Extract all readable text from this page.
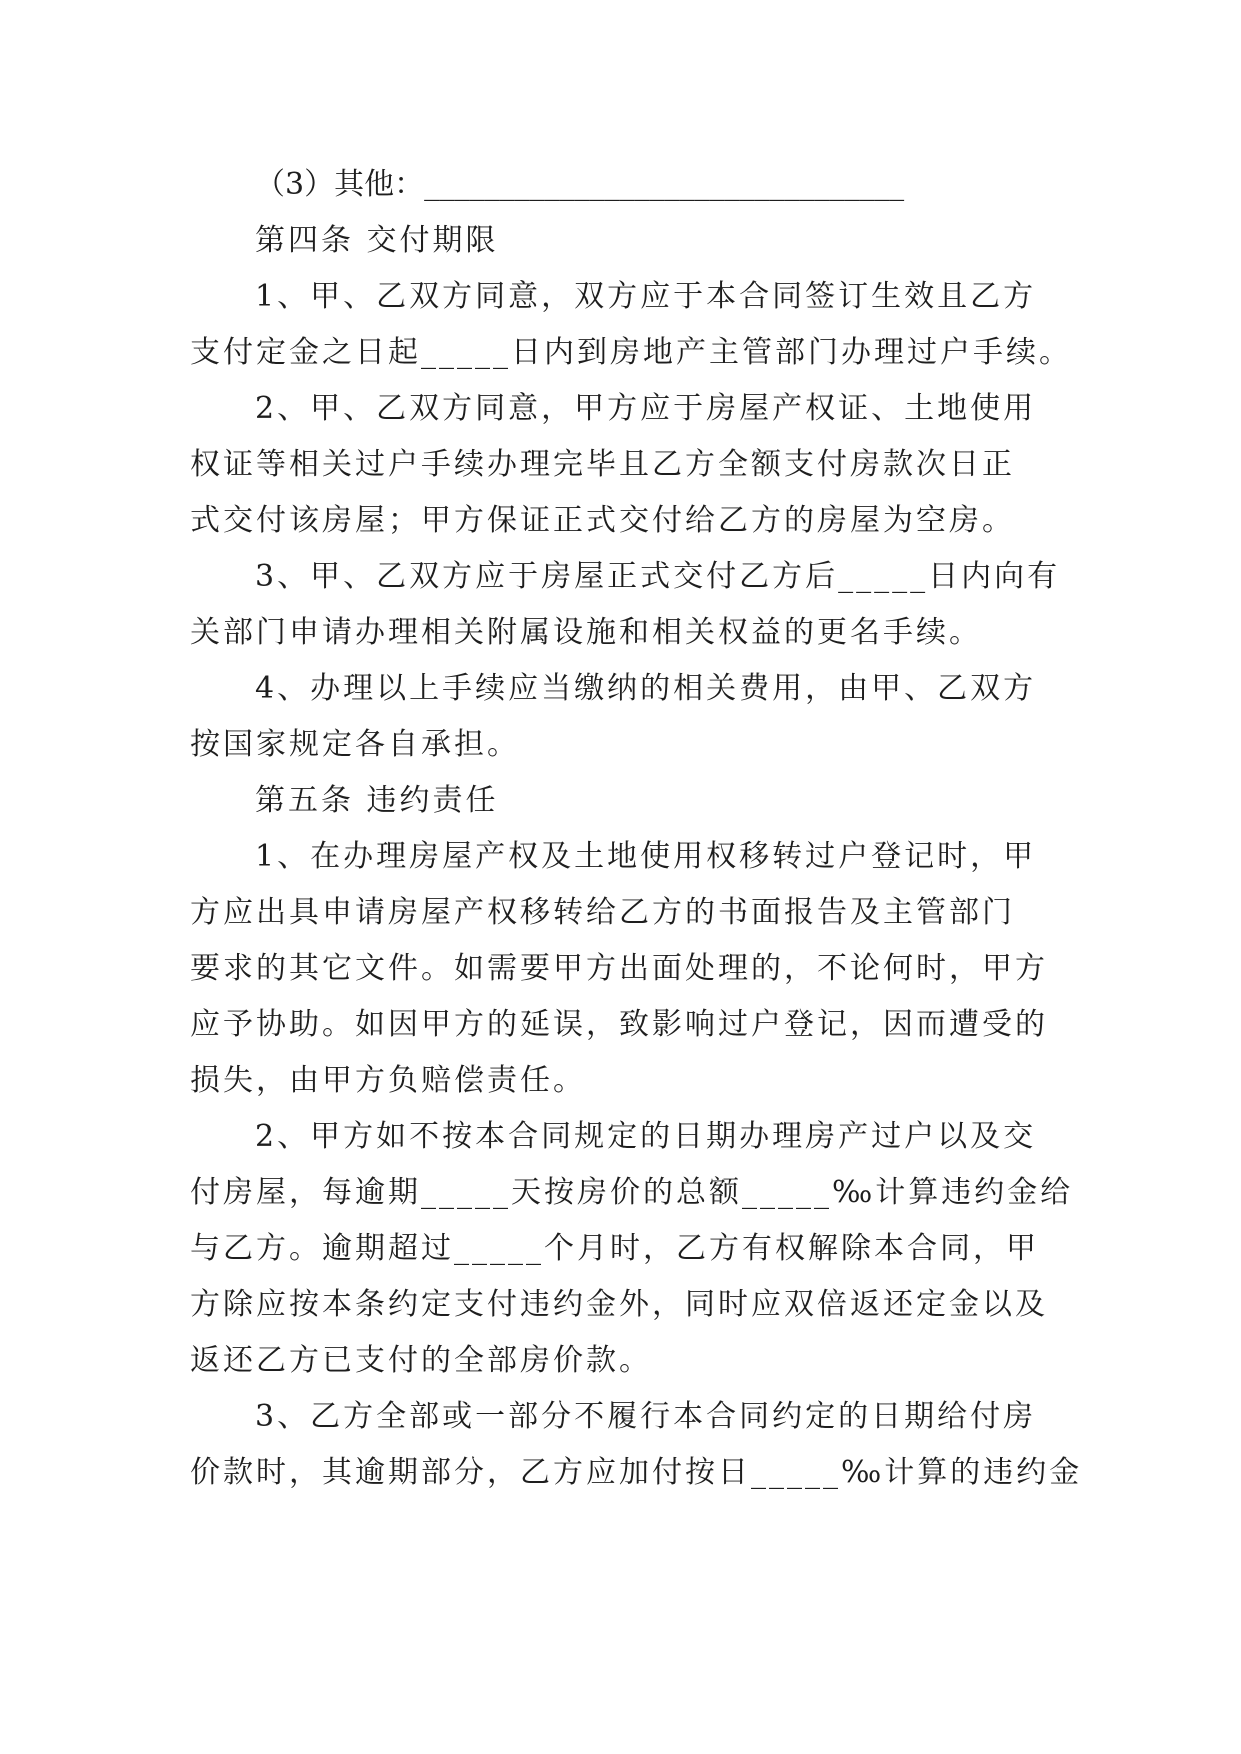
（3）其他：________________________________
第四条 交付期限
1、甲、乙双方同意，双方应于本合同签订生效且乙方
支付定金之日起_____日内到房地产主管部门办理过户手续。
2、甲、乙双方同意，甲方应于房屋产权证、土地使用
权证等相关过户手续办理完毕且乙方全额支付房款次日正
式交付该房屋；甲方保证正式交付给乙方的房屋为空房。
3、甲、乙双方应于房屋正式交付乙方后_____日内向有
关部门申请办理相关附属设施和相关权益的更名手续。
4、办理以上手续应当缴纳的相关费用，由甲、乙双方
按国家规定各自承担。
第五条 违约责任
1、在办理房屋产权及土地使用权移转过户登记时，甲
方应出具申请房屋产权移转给乙方的书面报告及主管部门
要求的其它文件。如需要甲方出面处理的，不论何时，甲方
应予协助。如因甲方的延误，致影响过户登记，因而遭受的
损失，由甲方负赔偿责任。
2、甲方如不按本合同规定的日期办理房产过户以及交
付房屋，每逾期_____天按房价的总额_____‰计算违约金给
与乙方。逾期超过_____个月时，乙方有权解除本合同，甲
方除应按本条约定支付违约金外，同时应双倍返还定金以及
返还乙方已支付的全部房价款。
3、乙方全部或一部分不履行本合同约定的日期给付房
价款时，其逾期部分，乙方应加付按日_____‰计算的违约金
